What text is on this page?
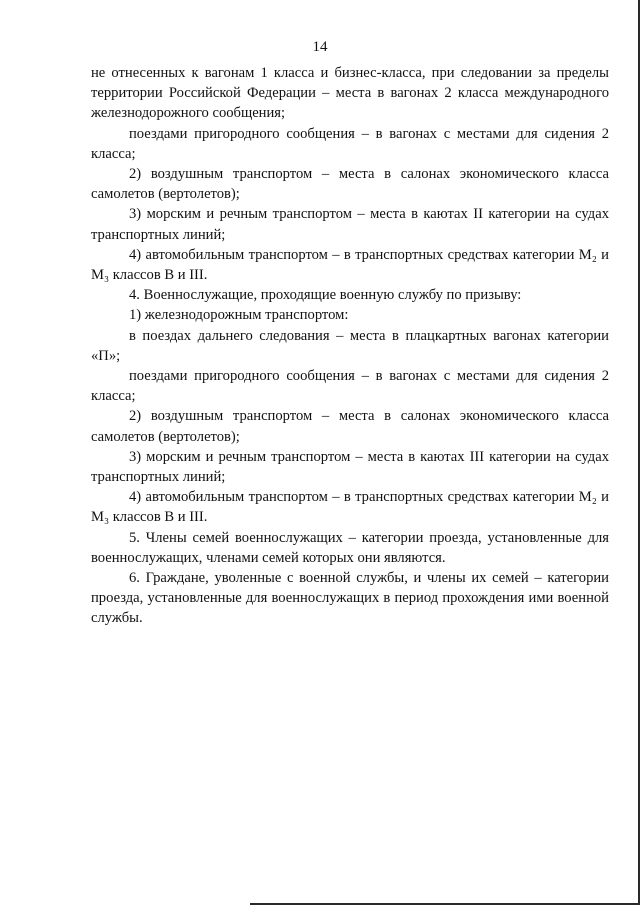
14

не отнесенных к вагонам 1 класса и бизнес-класса, при следовании за пределы территории Российской Федерации – места в вагонах 2 класса международного железнодорожного сообщения;

поездами пригородного сообщения – в вагонах с местами для сидения 2 класса;

2) воздушным транспортом – места в салонах экономического класса самолетов (вертолетов);

3) морским и речным транспортом – места в каютах II категории на судах транспортных линий;

4) автомобильным транспортом – в транспортных средствах категории M₂ и M₃ классов B и III.

4. Военнослужащие, проходящие военную службу по призыву:

1) железнодорожным транспортом:

в поездах дальнего следования – места в плацкартных вагонах категории «П»;

поездами пригородного сообщения – в вагонах с местами для сидения 2 класса;

2) воздушным транспортом – места в салонах экономического класса самолетов (вертолетов);

3) морским и речным транспортом – места в каютах III категории на судах транспортных линий;

4) автомобильным транспортом – в транспортных средствах категории M₂ и M₃ классов B и III.

5. Члены семей военнослужащих – категории проезда, установленные для военнослужащих, членами семей которых они являются.

6. Граждане, уволенные с военной службы, и члены их семей – категории проезда, установленные для военнослужащих в период прохождения ими военной службы.
